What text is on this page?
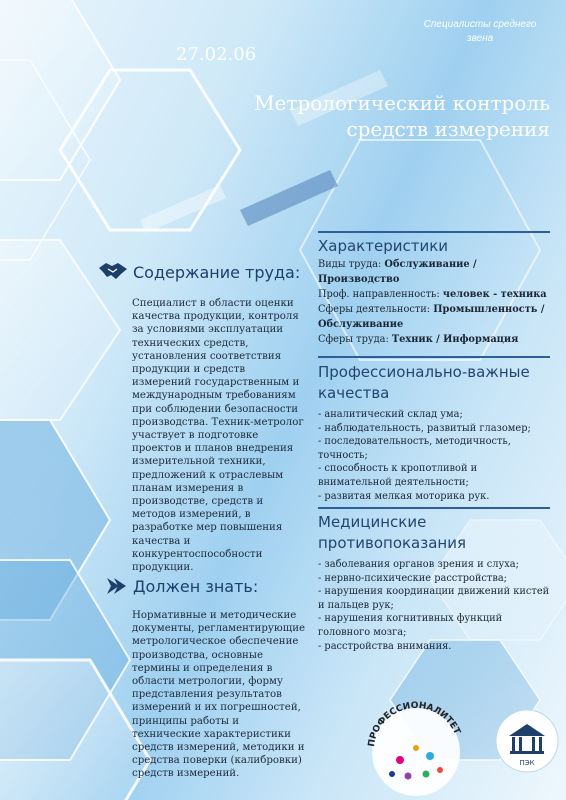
Специалисты среднего звена
27.02.06
Метрологический контроль
средств измерения
Содержание труда:
Специалист в области оценки качества продукции, контроля за условиями эксплуатации технических средств, установления соответствия продукции и средств измерений государственным и международным требованиям при соблюдении безопасности производства. Техник-метролог участвует в подготовке проектов и планов внедрения измерительной техники, предложений к отраслевым планам измерения в производстве, средств и методов измерений, в разработке мер повышения качества и конкурентоспособности продукции.
Должен знать:
Нормативные и методические документы, регламентирующие метрологическое обеспечение производства, основные термины и определения в области метрологии, форму представления результатов измерений и их погрешностей, принципы работы и технические характеристики средств измерений, методики и средства поверки (калибровки) средств измерений.
Характеристики
Виды труда: Обслуживание / Производство
Проф. направленность: человек - техника
Сферы деятельности: Промышленность / Обслуживание
Сферы труда: Техник / Информация
Профессионально-важные качества
- аналитический склад ума;
- наблюдательность, развитый глазомер;
- последовательность, методичность, точность;
- способность к кропотливой и внимательной деятельности;
- развитая мелкая моторика рук.
Медицинские противопоказания
- заболевания органов зрения и слуха;
- нервно-психические расстройства;
- нарушения координации движений кистей и пальцев рук;
- нарушения когнитивных функций головного мозга;
- расстройства внимания.
ПРОФЕССИОНАЛИТЕТ
ПЭК
